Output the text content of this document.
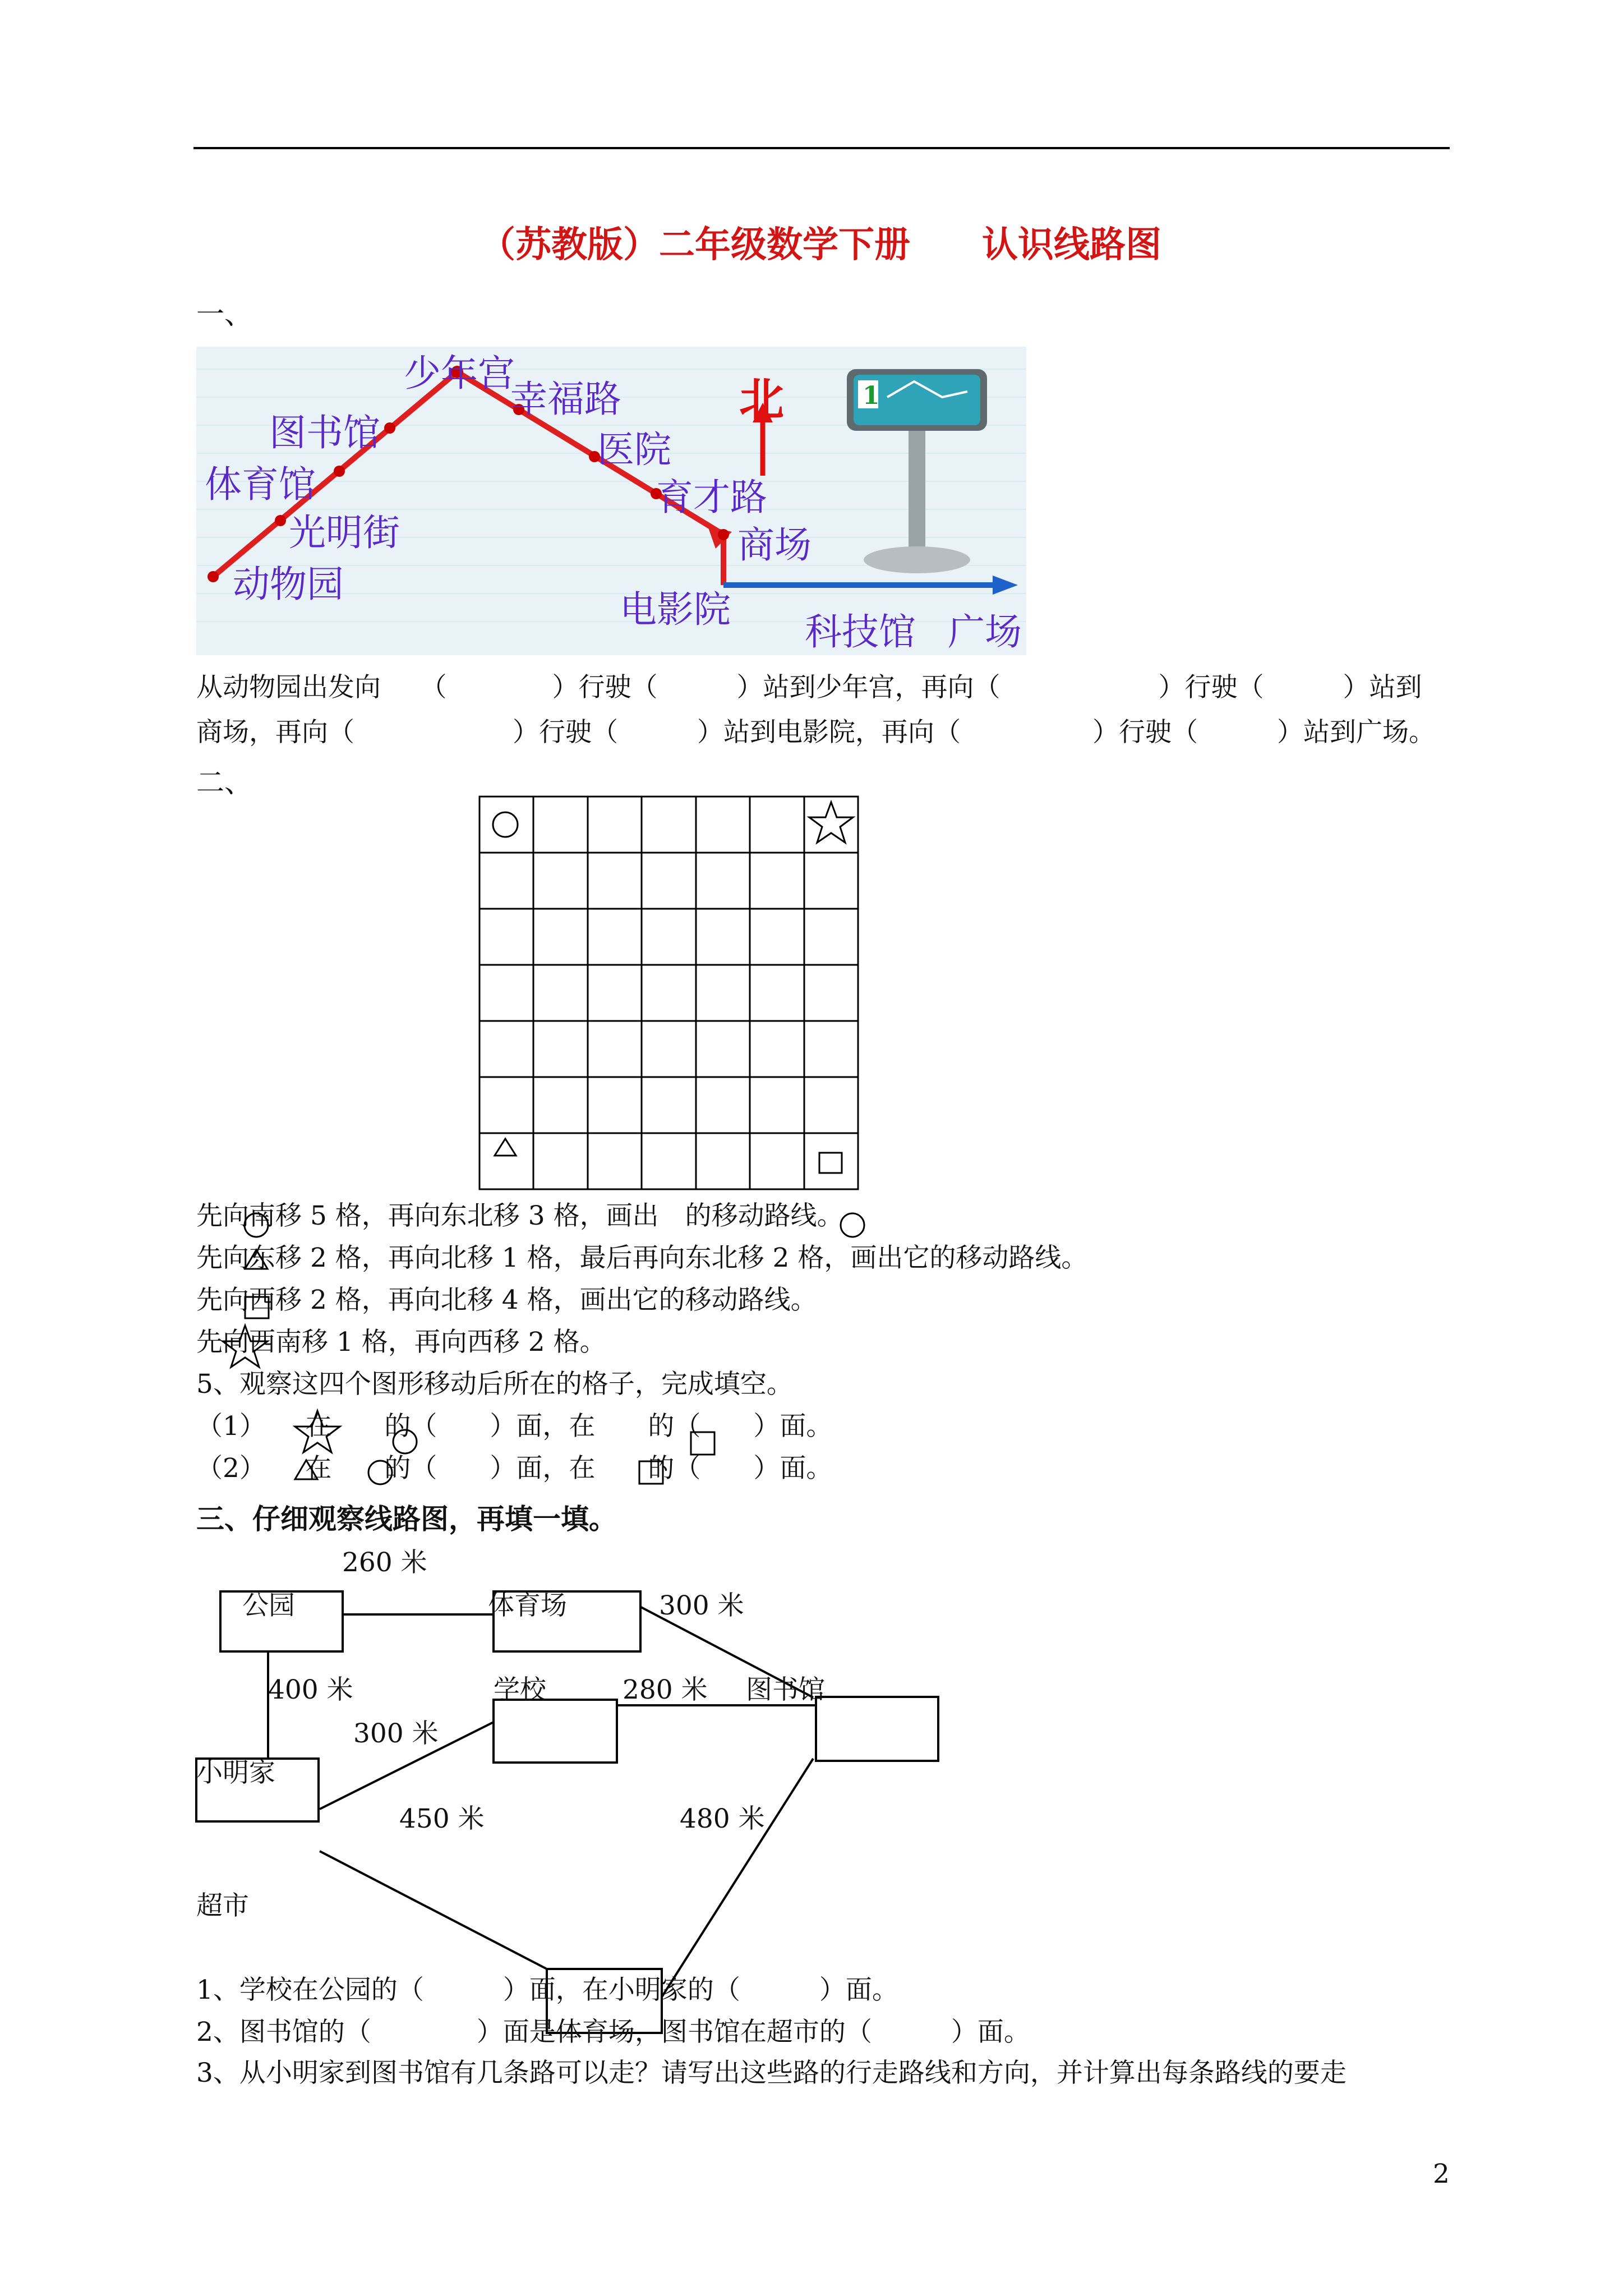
（苏教版）二年级数学下册　　认识线路图
一、
1
动物园
光明街
体育馆
图书馆
少年宫
幸福路
医院
育才路
商场
电影院
科技馆 广场
北
从动物园出发向　　（　　　　）行驶（　　　）站到少年宫，再向（　　　　　　）行驶（　　　）站到
商场，再向（　　　　　　）行驶（　　　）站到电影院，再向（　　　　　）行驶（　　　）站到广场。
二、
先向南移 5 格，再向东北移 3 格，画出　的移动路线。
先向东移 2 格，再向北移 1 格，最后再向东北移 2 格，画出它的移动路线。
先向西移 2 格，再向北移 4 格，画出它的移动路线。
先向西南移 1 格，再向西移 2 格。
5、观察这四个图形移动后所在的格子，完成填空。
（1）　　在　　的（　　）面，在　　的（　　）面。
（2）　　在　　的（　　）面，在　　的（　　）面。
三、仔细观察线路图，再填一填。
公园	体育场
学校	图书馆
小明家
超市
260 米
300 米
400 米	280 米
300 米
450 米	480 米
1、学校在公园的（　　　）面，在小明家的（　　　）面。
2、图书馆的（　　　　）面是体育场，图书馆在超市的（　　　）面。
3、从小明家到图书馆有几条路可以走？请写出这些路的行走路线和方向，并计算出每条路线的要走
2
